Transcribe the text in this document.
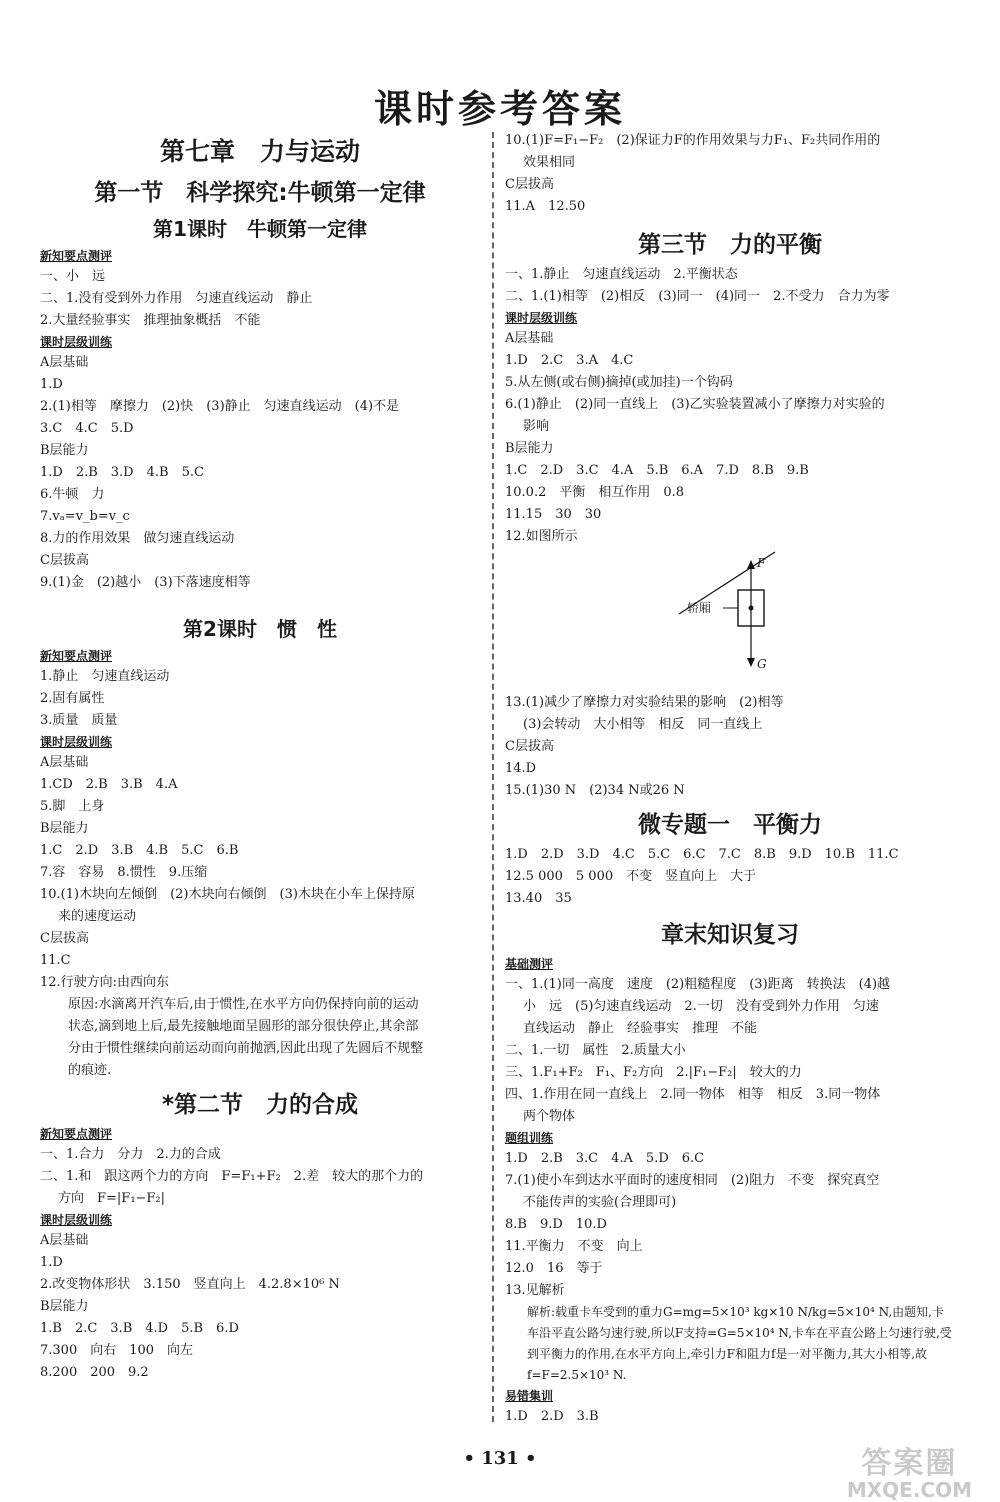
课时参考答案
第七章　力与运动
第一节　科学探究:牛顿第一定律
第1课时　牛顿第一定律
新知要点测评
一、小　远
二、1.没有受到外力作用　匀速直线运动　静止
2.大量经验事实　推理抽象概括　不能
课时层级训练
A层基础
1.D
2.(1)相等　摩擦力　(2)快　(3)静止　匀速直线运动　(4)不是
3.C　4.C　5.D
B层能力
1.D　2.B　3.D　4.B　5.C
6.牛顿　力
7.vₐ=v_b=v_c
8.力的作用效果　做匀速直线运动
C层拔高
9.(1)金　(2)越小　(3)下落速度相等
第2课时　惯　性
新知要点测评
1.静止　匀速直线运动
2.固有属性
3.质量　质量
课时层级训练
A层基础
1.CD　2.B　3.B　4.A
5.脚　上身
B层能力
1.C　2.D　3.B　4.B　5.C　6.B
7.容　容易　8.惯性　9.压缩
10.(1)木块向左倾倒　(2)木块向右倾倒　(3)木块在小车上保持原
来的速度运动
C层拔高
11.C
12.行驶方向:由西向东
原因:水滴离开汽车后,由于惯性,在水平方向仍保持向前的运动
状态,滴到地上后,最先接触地面呈圆形的部分很快停止,其余部
分由于惯性继续向前运动而向前抛洒,因此出现了先圆后不规整
的痕迹.
*第二节　力的合成
新知要点测评
一、1.合力　分力　2.力的合成
二、1.和　跟这两个力的方向　F=F₁+F₂　2.差　较大的那个力的
方向　F=|F₁−F₂|
课时层级训练
A层基础
1.D
2.改变物体形状　3.150　竖直向上　4.2.8×10⁶ N
B层能力
1.B　2.C　3.B　4.D　5.B　6.D
7.300　向右　100　向左
8.200　200　9.2
10.(1)F=F₁−F₂　(2)保证力F的作用效果与力F₁、F₂共同作用的
效果相同
C层拔高
11.A　12.50
第三节　力的平衡
一、1.静止　匀速直线运动　2.平衡状态
二、1.(1)相等　(2)相反　(3)同一　(4)同一　2.不受力　合力为零
课时层级训练
A层基础
1.D　2.C　3.A　4.C
5.从左侧(或右侧)摘掉(或加挂)一个钩码
6.(1)静止　(2)同一直线上　(3)乙实验装置减小了摩擦力对实验的
影响
B层能力
1.C　2.D　3.C　4.A　5.B　6.A　7.D　8.B　9.B
10.0.2　平衡　相互作用　0.8
11.15　30　30
12.如图所示
轿厢
F
G
13.(1)减少了摩擦力对实验结果的影响　(2)相等
(3)会转动　大小相等　相反　同一直线上
C层拔高
14.D
15.(1)30 N　(2)34 N或26 N
微专题一　平衡力
1.D　2.D　3.D　4.C　5.C　6.C　7.C　8.B　9.D　10.B　11.C
12.5 000　5 000　不变　竖直向上　大于
13.40　35
章末知识复习
基础测评
一、1.(1)同一高度　速度　(2)粗糙程度　(3)距离　转换法　(4)越
小　远　(5)匀速直线运动　2.一切　没有受到外力作用　匀速
直线运动　静止　经验事实　推理　不能
二、1.一切　属性　2.质量大小
三、1.F₁+F₂　F₁、F₂方向　2.|F₁−F₂|　较大的力
四、1.作用在同一直线上　2.同一物体　相等　相反　3.同一物体
两个物体
题组训练
1.D　2.B　3.C　4.A　5.D　6.C
7.(1)使小车到达水平面时的速度相同　(2)阻力　不变　探究真空
不能传声的实验(合理即可)
8.B　9.D　10.D
11.平衡力　不变　向上
12.0　16　等于
13.见解析
解析:载重卡车受到的重力G=mg=5×10³ kg×10 N/kg=5×10⁴ N,由题知,卡车沿平直公路匀速行驶,所以F支持=G=5×10⁴ N,卡车在平直公路上匀速行驶,受到平衡力的作用,在水平方向上,牵引力F和阻力f是一对平衡力,其大小相等,故f=F=2.5×10³ N.
易错集训
1.D　2.D　3.B
• 131 •	答案圈
MXQE.COM
